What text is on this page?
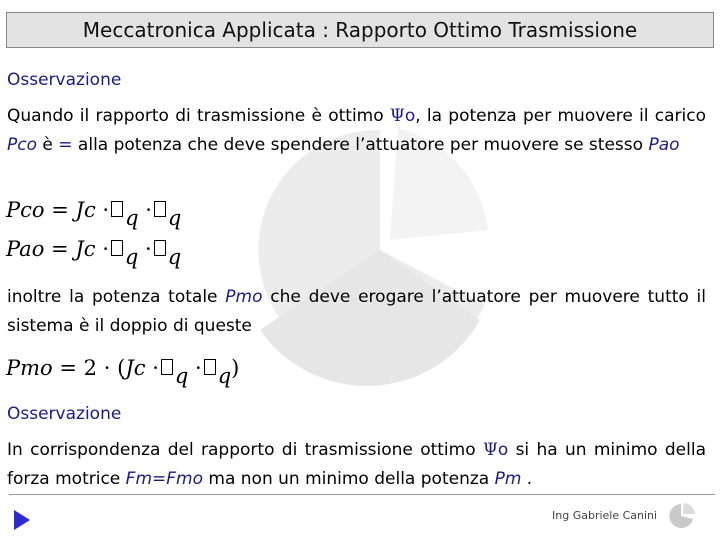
Meccatronica Applicata : Rapporto Ottimo Trasmissione
Osservazione
Quando il rapporto di trasmissione è ottimo Ψo, la potenza per muovere il carico Pco è = alla potenza che deve spendere l’attuatore per muovere se stesso Pao
Pco = Jc · q · q
Pao = Jc · q · q
inoltre la potenza totale Pmo che deve erogare l’attuatore per muovere tutto il sistema è il doppio di queste
Pmo = 2 · (Jc · q · q)
Osservazione
In corrispondenza del rapporto di trasmissione ottimo Ψo si ha un minimo della forza motrice Fm=Fmo ma non un minimo della potenza Pm .
Ing Gabriele Canini
